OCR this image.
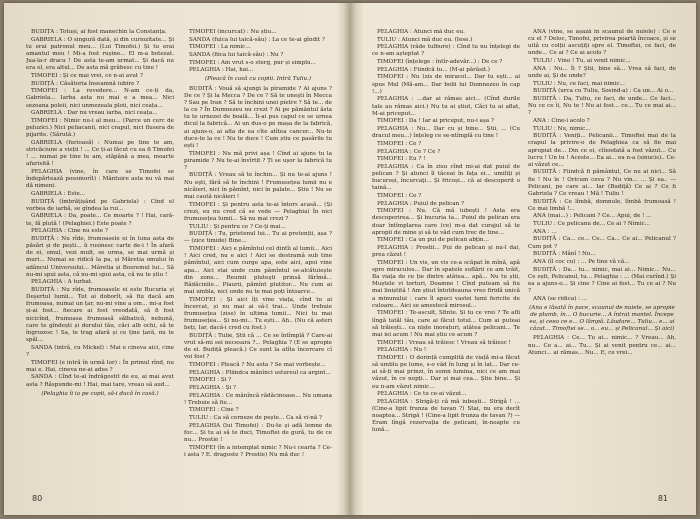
BUDIȚĂ : Totuși, ai fost manechin la Constanța.

GABRIELA : O singură dată, și din curiozitate... Și tu erai patronul meu... (Lui Timofei.) Și tu erai amantul meu ! Mi-a fost rușine... El m-a botezat. Jua-la-r dracu ! De asta te-am urmat... Și dacă nu era el, era altul... De asta mă grăbesc cu tine !

TIMOFEI : Și ce mai vrei, ce n-ai avut ?

BUDIȚĂ : Căsătoria înseamnă iubire ?

TIMOFEI : La revedere... N-am ce-ți da, Gabriela... Iarba asta nu mai e a mea... Nici sezoana poleii, nici unmezeala ploii, nici ceața...

GABRIELA : Dar nu vreau iarba, nici ceața...

TIMOFEI : Nimic nu-i al meu... (Parce un cerc de peluzici.) Nici peliacanii, nici crapul, nici flusera de pijarite. (Sărută.)

GABRIELA (furioasă) : Numai pe tine te am, stricăciune a vieții ! ... Ce ți-ai făcut cu ea fi Timofei ! ... numai pe tine te am, stăpână a mea, moarte afurisită !

PELAGHIA (vine, în care se Timofei se îndepărtează posomorît) : Mântuire asta nu vă mai dă nimeni.

GABRIELA : Este...

BUDIȚĂ (îmbrățișând pe Gabriela) : Cînd el vorbea de iarbă, se gîndea la rui...

GABRIELA : Da, poate... Ce moarte ? ! Hai, cară-te, fă plută ! (Pelaghiei.) Este poate ?

PELAGHIA : Cine nu este ?

BUDIȚĂ : Nu rîde, frumoasele ei în luna asta de păsări și de pești... îi rusinesc carte de-i ! În afară de ei, omul, vezi mult, se urma, se mai urmă și muri... Numai se ridică la pa, și Măretia omului în adâncul Universului... Măretia și Bosremul lui... Să nu-mi spui asta, că nu-mi spui asta, că nu te știu !

PELAGHIA : A turbat.

BUDIȚĂ : Nu rîde, frumoasele ei este Bucuria și Deșertul lumii... Tot ai doborît, să fiu dacă am frumoasa, numai un țar, nu-mi vine a om... mi-a fost și-ai fost... fiecare ai fost vreodată, să fi fost nicicînd, frumoasa frumoasă sălbatică, nebună, care te gîndești și dorului tău, căci alb ochi, să te îngrozesc ! Sa, te trag afară și ce ține țară, nu te spăl...

SANDA (intră, cu Mickel) : Mai e cineva aici, cine ?

TIMOFEI (e intră în urmă lor) : În primul rînd, nu mai e. Hai, cineva ne-ai adus ?

SANDA : Cînd te-ai îndrăgostit de eu, ai mai avut asta ? Răspunde-mi ! Hai, mai tare, vreau să aud...

(Pelaghia îi ia pe copii, să-i ducă în casă.)

TIMOFEI (incurcat) : Nu știu...

SANDA (fuica lui taică-său) : La ce te-ai gîndit ?

TIMOFEI : La nimic...

SANDA (fiica lui taică-său) : Nu ?

TIMOFEI : Am vrut s-o sterg, pur și simplu...

PELAGHIA : Hai, hai...

(Pleacă în casă cu copiii. Intră Tuliu.)

BUDIȚĂ : Vouă să ajungi la piramide ? Ai ajuns ? De ce ? Și la Mecca ? De ce ? Să te uneşti în Mecca ? Sau pe Iran ? Să te închini unei pietre ? Să te... de la ce ? În Dumnezeu nu crezi ? Ai pe pământul ăsta tu te urnezei de boală... Îi-ai pus capul ce se urnea dicul la fabrică... Ai un dus-o pe mașa de la fabrică, ai ajuns-o, ai afla de ea cîte atîtea cancer... Nu-te duce-te la ce ! Nu te duce ! Cum știu ce pasările tu ești !

TIMOFEI : Nu mă privi așa ! Cînd ai ajuns tu la piramide ? Nu te-ai învîrtit ? Ți se ușor la fabrică tu ?

BUDIȚĂ : Vreau să te închin... Și nu te-ai ajuns ! Nu ești, fără să te închini ! Frumusețea lumii nu e nicăieri, nici în pămînt, nici în palate... Știu ! Nu se mai caută nicăieri !

TIMOFEI : Și pentru asta te-ai întors acasă... (Și crezi, eu nu cred că se vede — Pelaghia) În nici frumusețea lumii... Să nu mai crezi ?

TULIU : Și pentru ce ? Ce-ți mai...

BUDIȚĂ : Tu, prietenul lui... Tu ai pretenții, așa ? — (zice timide) Bine...

TIMOFEI : Aici e pămîntul cel dintîi al lumii... Aici ! Aici cred, nu e aici ! Aici se destramă sub tine pămîntul, aici cum curge apa, este aici, apoi vine apa... Aici stai unde cum pămîntul se-alcătuiește din zone... Reumii pluteşti prinsă fărîmă... Rădăcinile... Plaurii, pămînt plutitor... Nu cum ai mai umbla, nici unde nu te mai poți întoarce...

TIMOFEI : Și aici îți vine viața, cînd tu ai încercat, și nu mai ai să-l trai... Unde trebuie frumusețea (zise) în ultima lumii... Nici tu mai frumusețea... Și nu-mi... Tu ești... Ah.. (Nu că asteri beți, Iar, dacă-i cred cu fost.)

BUDIȚĂ : Tulie, Știi că ... Ce se întîmplă ? Care-ai vrut să-mi sei necesara ?... Pelaghia ? (E se apropie de ei. Budiță pleacă.) Ce sunt la atîta încercare cî voi fost ?

TIMOFEI : Pleacă ? Nu asta ? Se mai vorbește...

PELAGHIA : Pliindca mănînci ustureul ca argint...

TIMOFEI : Și ?

PELAGHIA : Și ?

PELAGHIA : Ce mănîncă rădăcinoase... Nu umana ! Trebuie să fie...

TIMOFEI : Cine ?

TULIU : Ca să cerneze de pește... Ca să vi-nă ?

PELAGHIA (lui Timofei) : Du-te și adă lemne de foc... Și tu ai să te duci, Timoftei de gură, tu de ce nu... Prostie !

TIMOFEI (în a intemplat nimic ? Nu-i cearta ? Ce-i asta ? E. dragoste ? Prostie) Nu mă duc !

80

PELAGHIA : Atunci mă duc eu.

TULIU : Atunci mă duc eu. (Iese.)

PELAGHIA (râde tulbure) : Cînd tu nu înțelegi de ce n-am așteptat ?

TIMOFEI (înțelege : întîr-adevăr...) : De ce ?

PELAGHIA : Fiindcă tu... (M-ai părăsit.)

TIMOFEI : Nu (zis de miracol... Dar tu ești... ai spus Mul (Mă-am... Dar bolii lui Dumnezeu în cap !...)

PELAGHIA : ...dar ai rămas aici... (Cînd durile tale au rămas aici.) Nu tu ai știut, Căci tu ai aflat, M-ai priceput...

TIMOFEI : Da ! Iar ai priceput, nu-i așa ?

PELAGHIA : Nu... Dar cu și bine... Știi, ... (Cu dracul meu...) înțeleg ce se-ntîmplă cu tine !

TIMOFEI : Ce ?

PELAGHIA : Ce ? Ce ?

TIMOFEI : Eu ? !

PELAGHIA : Ca în zisu cînd mi-ai dat puiul de pelican ? Și atunci îl tăceai în fața ei... umiliți și bucuroși, încurcaţi... Și fricoși... că ai descoperit o taină...

TIMOFEI : Ce ?

PELAGHIA : Puiul de pelican ?

TIMOFEI : Nu. Că mă iubești ! Asta era descoperirea... Și bucuria ta... Puiul de pelican era doar întîmplarea care (ce) m-a dat curajul să te apropii de mine și să te văd cum trec de tine...

TIMOFEI : Ca un pui de pelican abțin...

PELAGHIA : Prostii... Pui de pelican și nu-l dai, prea căzut !

TIMOFEI : Un vis, un vis ce-a scăpat în mînă, apă spre miraculos... Dar în spatele suflării ce am trăit, Ba viața de ce ție dintre atâtea... apă... Nu tu știi, Muștele vi torturi, Doamne ! Cînd puteam să fiu mai liniștită ! Am știut întotdeauna vreo firidă unică a minunului : care îl apuci vastei lumi fericite de culoare... Aici se amestecă mirosul...

TIMOFEI : Te-ascult, Sfinte. Și tu ce vrei ? Te afli lîngă tatăl tău, care ai făcut totul... Cum ai puteai să trăiești... ca niște inorațuri, atâtea pelicani... Te mai iei acum ! Nu mai știu ce acum ?

TIMOFEI : Vreau să trăiesc ! Vreau să trăiesc !

PELAGHIA : Nu !

TIMOFEI : O dorință cumplită de viață mi-a făcut să umblu pe lume, s-o văd în lung și în lat... Dar ce-ai să-ți mai prinzi, în somn lumina, nici ce am mai văzut, în ce nopți... Dar și mai cea... Știe bine... Și eu n-am văzut nimic...

PELAGHIA : Ce tu ce-ai văzut...

PELAGHIA : Strigă-ți că mă iubești... Strigă ! ... (Cine-a lipit frunza de tavan ?) Stai, nu era decît noaptea... Strigă ! (Cine-a lipit frunza de tavan ?) — Eram lîngă rezervația de pelicani, în-noapte cu lună...

ANA (vine, se așază în scaunul de nuiele) : Ce e cu el ? Deloc, Timofei, privirea poartă încoace, și se uită cu colții ascuțiți spre el. Timoftei, ce faci, de unde... Ce ai ? Ce ai acolo ?

TULIU : Vino ! Tu, ai venit nimic...

ANA : Nu... Îi ? Știi, bine să... Vrea să faci, de unde ai, Și de unde?

TULIU : Nu, ce faci, mai nimic...

BUDIȚĂ (urca cu Tuliu, Sosind-a) : Ca un... Ai o...

BUDIȚĂ : Da, Tuliu, ce faci, de unde... Ce faci... Nu ce ce îi, Nu te ! Nu ai fost... ce... Tu ce mai ai... ?

ANA : Cine-i acolo ?

TULIU : Nu, nimic...

BUDIȚĂ : Veniți... Pelicanii... Timoftei mai de la crapul la privire-o de Pelaghiea ca să fie mai apropiat de... Din ce ei, cîteodată a fost văzut... Cu lucru ! Un tu ! Aceste... Ea ai... ea n-a (sinucis).. Ce-ai văzut ce...

BUDIȚĂ : Fiindcă fi pământul, Ce nu ai nici... Să fie ! Nu le ! Oricum ceva ? Nu vin... ... Și ea.. — Pelicani, pe care ai... Iar (Budiță) Ce ai ? Ce fi Gabriela ? Ce vreau ! Mă ! Tuliu !

BUDIȚĂ : Ce lîmbă, domnule, lîmbă frumoasă ! Ce mai limbă !...

ANA (mai...) : Pelicani ? Ce... Apui, de ! ...

TULIU : Ce pelicanu de... Ce ai ? Nimic...

ANA : ...

BUDIȚĂ : Ca... ce... Ce... Ca... Ce ai... Pelicanul ? Cum pot ?

BUDIȚĂ : Mănî ! Nu...

ANA (îl coc cu) : ... Pe tine vă că...

BUDIȚĂ : Da... tu... nimic, mai ai... Nimic... Nu... Ce ești, Pelicanul, tu... Pelaghia : ... (Mai curînd.) Și ea a ajuns-o... Și cine ? Cine ai fost... Tu ce ai ? Nu ?

ANA (se ridica) : ...

(Ana e lăsată în pace, scaunul de nuiele, se apropie de plumb, în... O bucurie... A întrat mantel. Începe ea, și ceea ce e... O lămpă. Lăudare... Tuliu... e... ai căzut... Timoftei se... o... eu... și Pelicanul... Și aici)

PELAGHIA : Ce... Tu ai... nimic... ? Vreau... Ah, nu... Ce a... ai... Tu... Și ai venit pentru ce... ai... Atunci... ai rămas... Nu... E, ce vrei...

81
